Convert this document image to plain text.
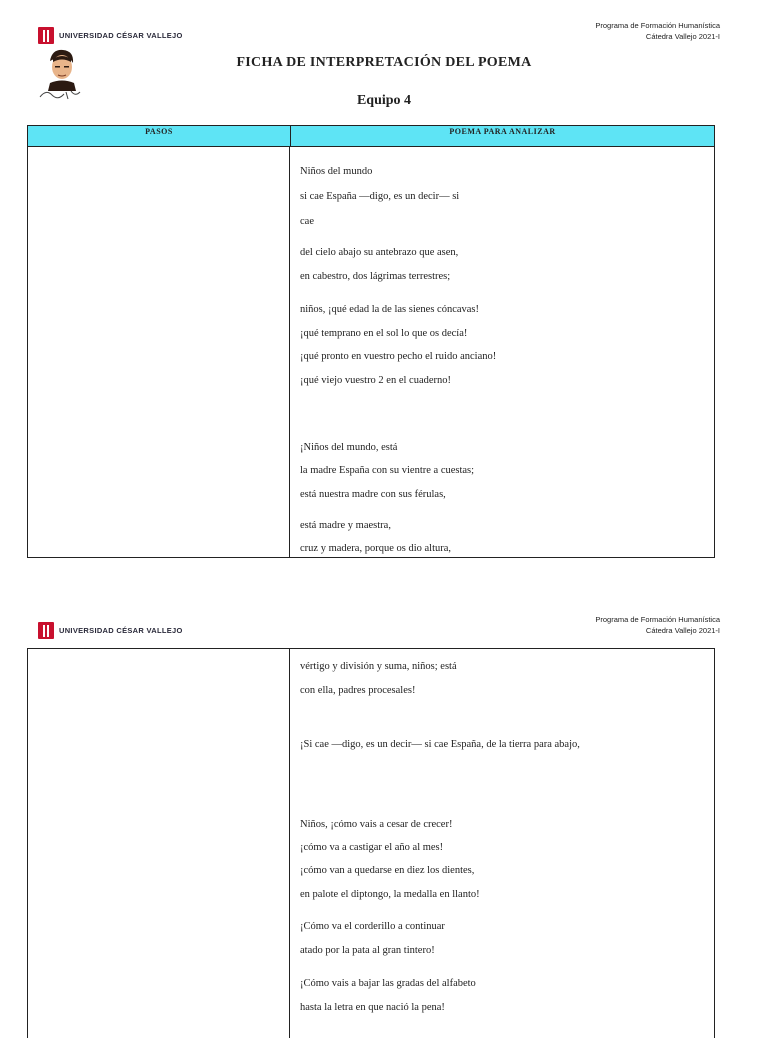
UNIVERSIDAD CÉSAR VALLEJO
Programa de Formación Humanística
Cátedra Vallejo 2021-I
FICHA DE INTERPRETACIÓN DEL POEMA
Equipo 4
PASOS	POEMA PARA ANALIZAR
Niños del mundo
si cae España —digo, es un decir— si
cae
del cielo abajo su antebrazo que asen,
en cabestro, dos lágrimas terrestres;
niños, ¡qué edad la de las sienes cóncavas!
¡qué temprano en el sol lo que os decía!
¡qué pronto en vuestro pecho el ruido anciano!
¡qué viejo vuestro 2 en el cuaderno!
¡Niños del mundo, está
la madre España con su vientre a cuestas;
está nuestra madre con sus férulas,
está madre y maestra,
cruz y madera, porque os dio altura,
UNIVERSIDAD CÉSAR VALLEJO
Programa de Formación Humanística
Cátedra Vallejo 2021-I
vértigo y división y suma, niños; está
con ella, padres procesales!
¡Si cae —digo, es un decir— si cae España, de la tierra para abajo,
Niños, ¡cómo vais a cesar de crecer!
¡cómo va a castigar el año al mes!
¡cómo van a quedarse en diez los dientes,
en palote el diptongo, la medalla en llanto!
¡Cómo va el corderillo a continuar
atado por la pata al gran tintero!
¡Cómo vais a bajar las gradas del alfabeto
hasta la letra en que nació la pena!
